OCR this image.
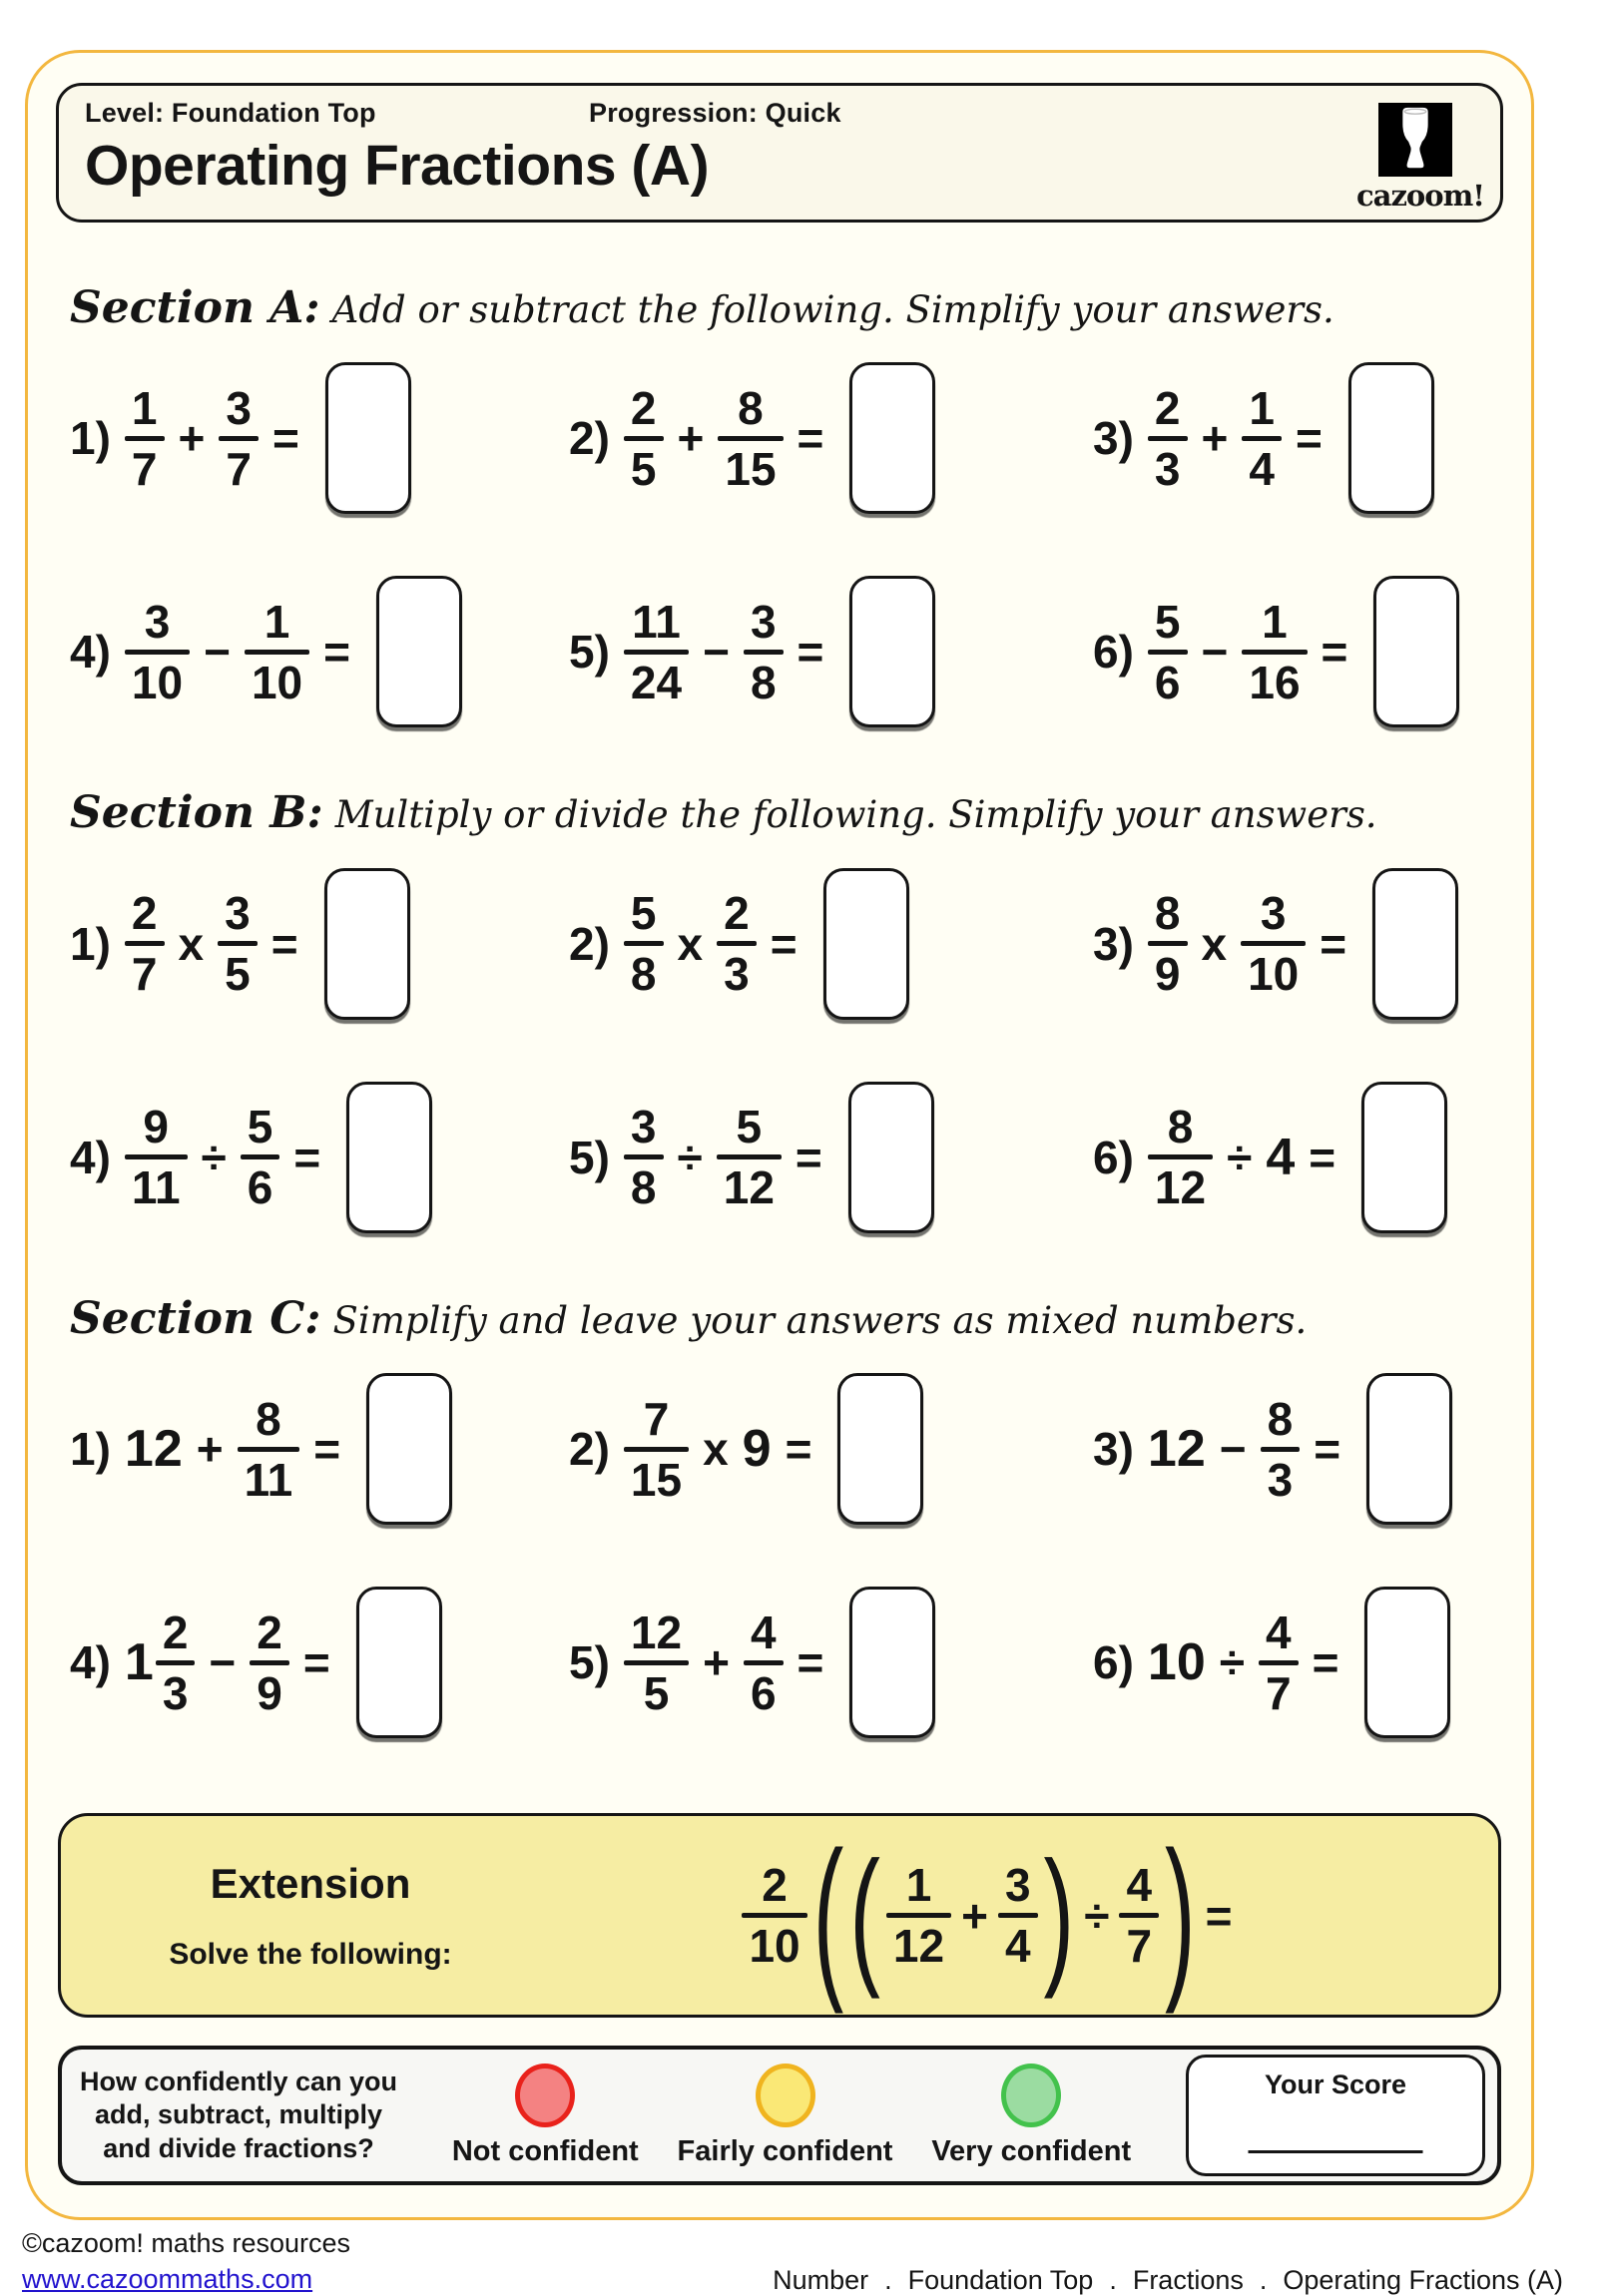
Level: Foundation Top	Progression: Quick
Operating Fractions (A)	cazoom!
Section A: Add or subtract the following. Simplify your answers.
1)
1
7
+
3
7
=	2)
2
5
+
8
15
=	3)
2
3
+
1
4
=
4)
3
10
−
1
10
=	5)
11
24
−
3
8
=	6)
5
6
−
1
16
=
Section B: Multiply or divide the following. Simplify your answers.
1)
2
7
x
3
5
=	2)
5
8
x
2
3
=	3)
8
9
x
3
10
=
4)
9
11
÷
5
6
=	5)
3
8
÷
5
12
=	6)
8
12
÷ 4 =
Section C: Simplify and leave your answers as mixed numbers.
1) 12 +
8
11
=	2)
7
15
x 9 =	3) 12 −
8
3
=
4) 1
2
3
−
2
9
=	5)
12
5
+
4
6
=	6) 10 ÷
4
7
=
Extension
Solve the following:
2
10 ( ( 1
12
+
3
4 ) ÷
4
7 ) =
How confidently can you add, subtract, multiply and divide fractions?	Not confident Fairly confident Very confident
Your Score
©cazoom! maths resources
www.cazoommaths.com	Number . Foundation Top . Fractions . Operating Fractions (A)
